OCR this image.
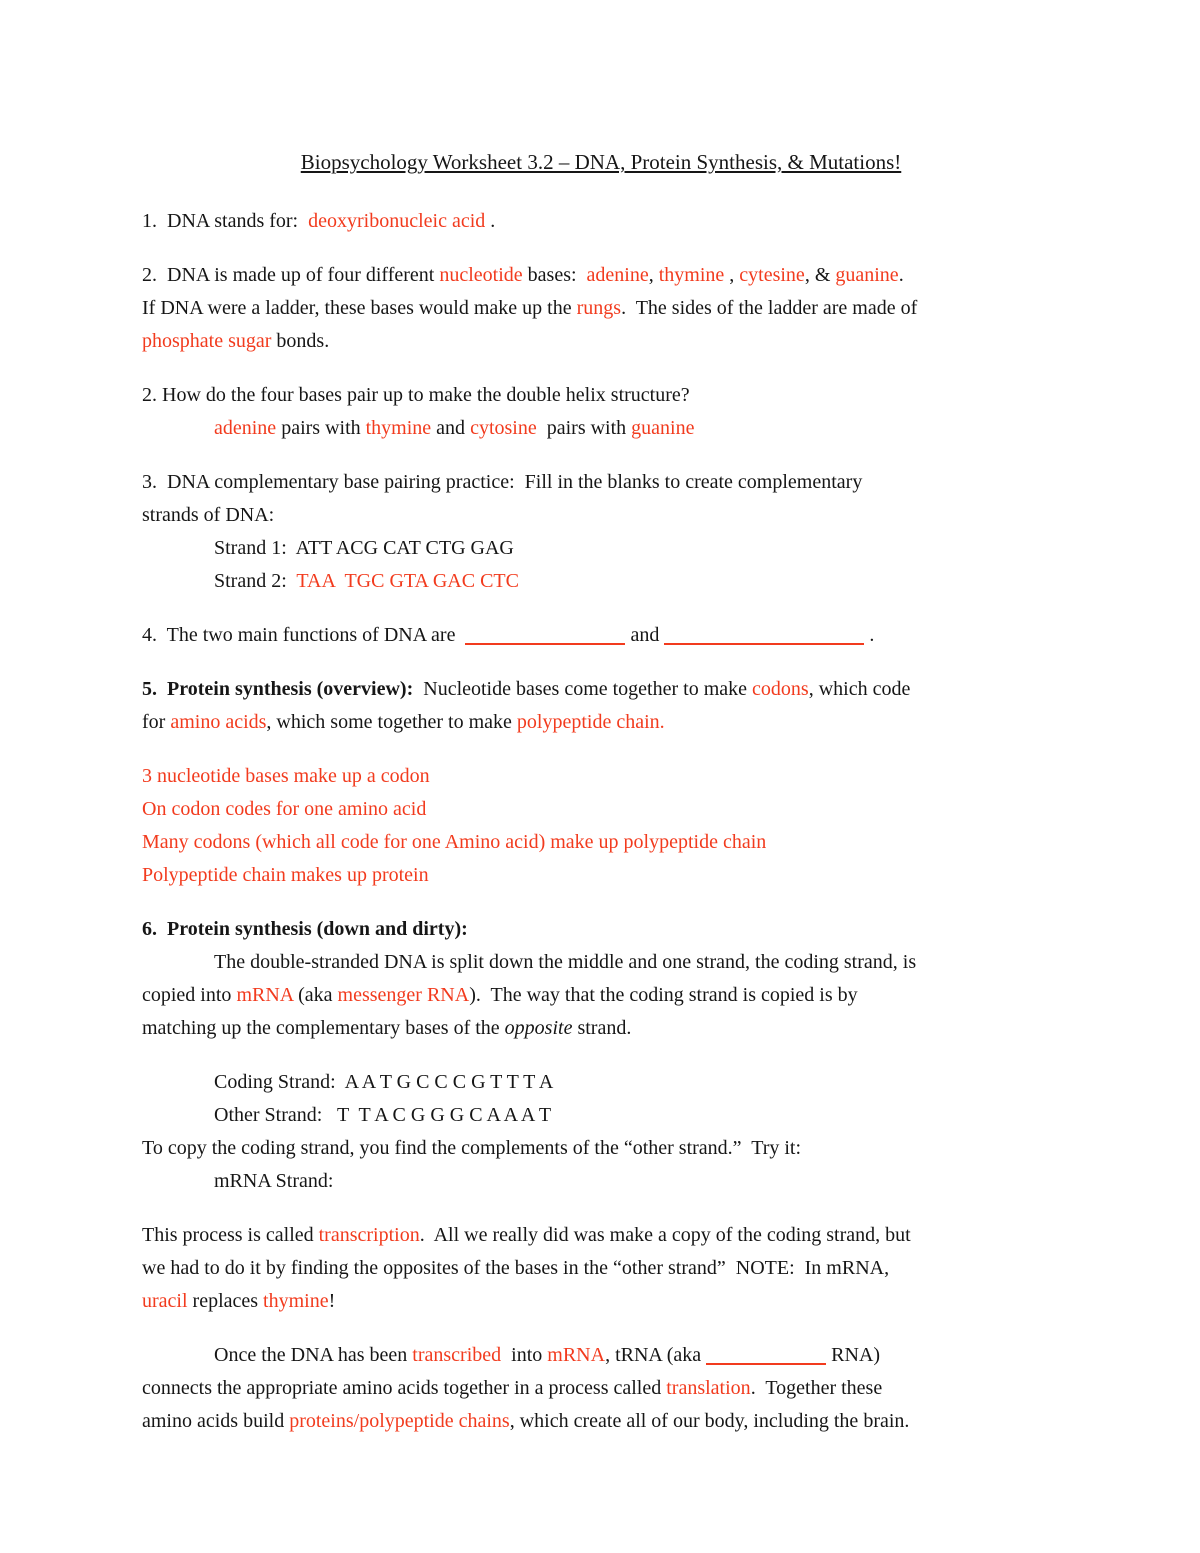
Biopsychology Worksheet 3.2 – DNA, Protein Synthesis, & Mutations!
1.  DNA stands for:  deoxyribonucleic acid .
2.  DNA is made up of four different nucleotide bases:  adenine, thymine , cytesine, & guanine.
If DNA were a ladder, these bases would make up the rungs.  The sides of the ladder are made of
phosphate sugar bonds.
2. How do the four bases pair up to make the double helix structure?
adenine pairs with thymine and cytosine  pairs with guanine
3.  DNA complementary base pairing practice:  Fill in the blanks to create complementary
strands of DNA:
Strand 1:  ATT ACG CAT CTG GAG
Strand 2:  TAA  TGC GTA GAC CTC
4.  The two main functions of DNA are	and	.
5.  Protein synthesis (overview):  Nucleotide bases come together to make codons, which code
for amino acids, which some together to make polypeptide chain.
3 nucleotide bases make up a codon
On codon codes for one amino acid
Many codons (which all code for one Amino acid) make up polypeptide chain
Polypeptide chain makes up protein
6.  Protein synthesis (down and dirty):
The double-stranded DNA is split down the middle and one strand, the coding strand, is
copied into mRNA (aka messenger RNA).  The way that the coding strand is copied is by
matching up the complementary bases of the opposite strand.
Coding Strand:  A A T G C C C G T T T A
Other Strand:   T  T A C G G G C A A A T
To copy the coding strand, you find the complements of the “other strand.”  Try it:
mRNA Strand:
This process is called transcription.  All we really did was make a copy of the coding strand, but
we had to do it by finding the opposites of the bases in the “other strand”  NOTE:  In mRNA,
uracil replaces thymine!
Once the DNA has been transcribed  into mRNA, tRNA (aka	RNA)
connects the appropriate amino acids together in a process called translation.  Together these
amino acids build proteins/polypeptide chains, which create all of our body, including the brain.
